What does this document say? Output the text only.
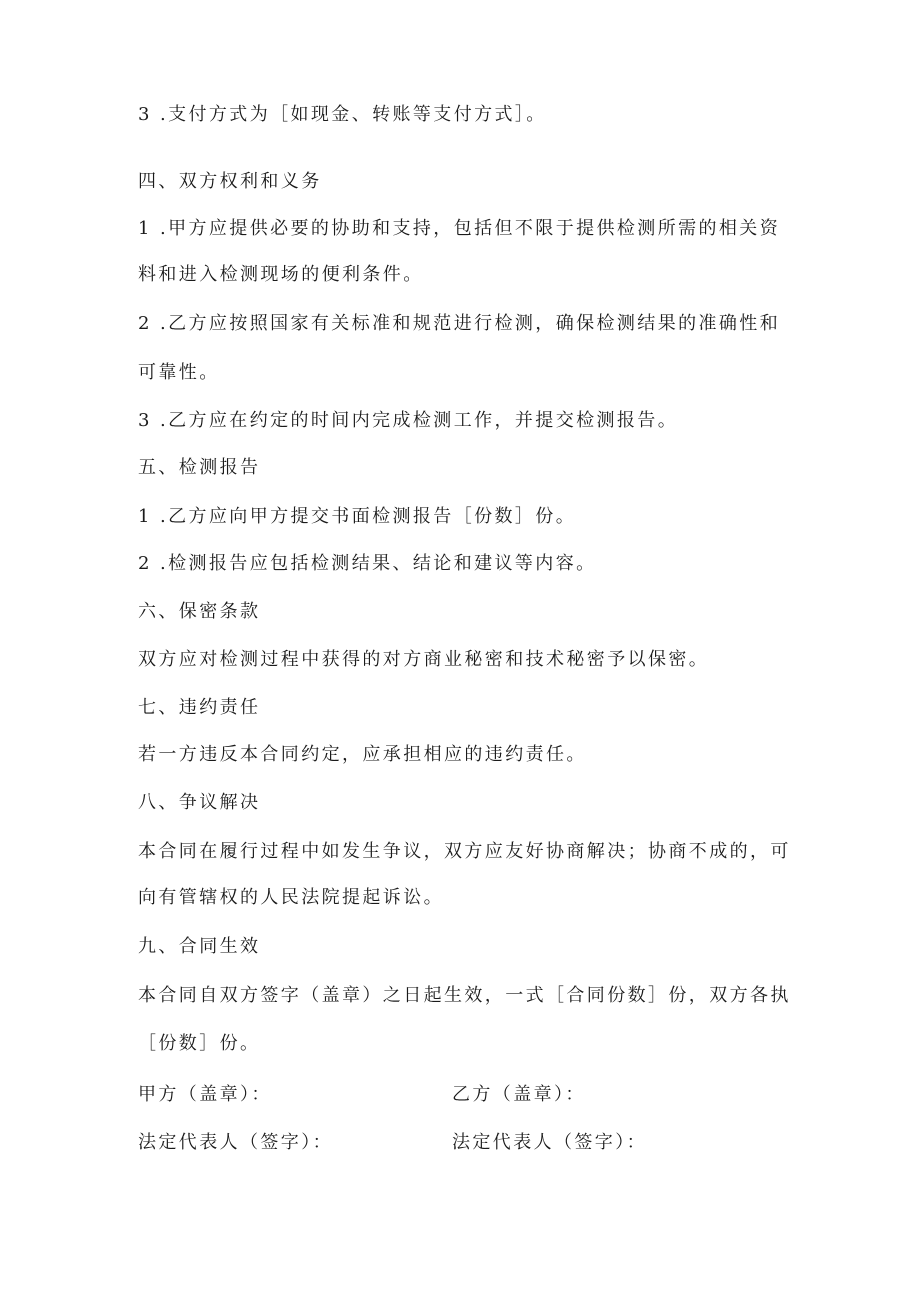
3 .支付方式为［如现金、转账等支付方式］。
四、双方权利和义务
1 .甲方应提供必要的协助和支持，包括但不限于提供检测所需的相关资
料和进入检测现场的便利条件。
2 .乙方应按照国家有关标准和规范进行检测，确保检测结果的准确性和
可靠性。
3 .乙方应在约定的时间内完成检测工作，并提交检测报告。
五、检测报告
1 .乙方应向甲方提交书面检测报告［份数］份。
2 .检测报告应包括检测结果、结论和建议等内容。
六、保密条款
双方应对检测过程中获得的对方商业秘密和技术秘密予以保密。
七、违约责任
若一方违反本合同约定，应承担相应的违约责任。
八、争议解决
本合同在履行过程中如发生争议，双方应友好协商解决；协商不成的，可
向有管辖权的人民法院提起诉讼。
九、合同生效
本合同自双方签字（盖章）之日起生效，一式［合同份数］份，双方各执
［份数］份。
甲方（盖章）：	乙方（盖章）：
法定代表人（签字）：	法定代表人（签字）：
